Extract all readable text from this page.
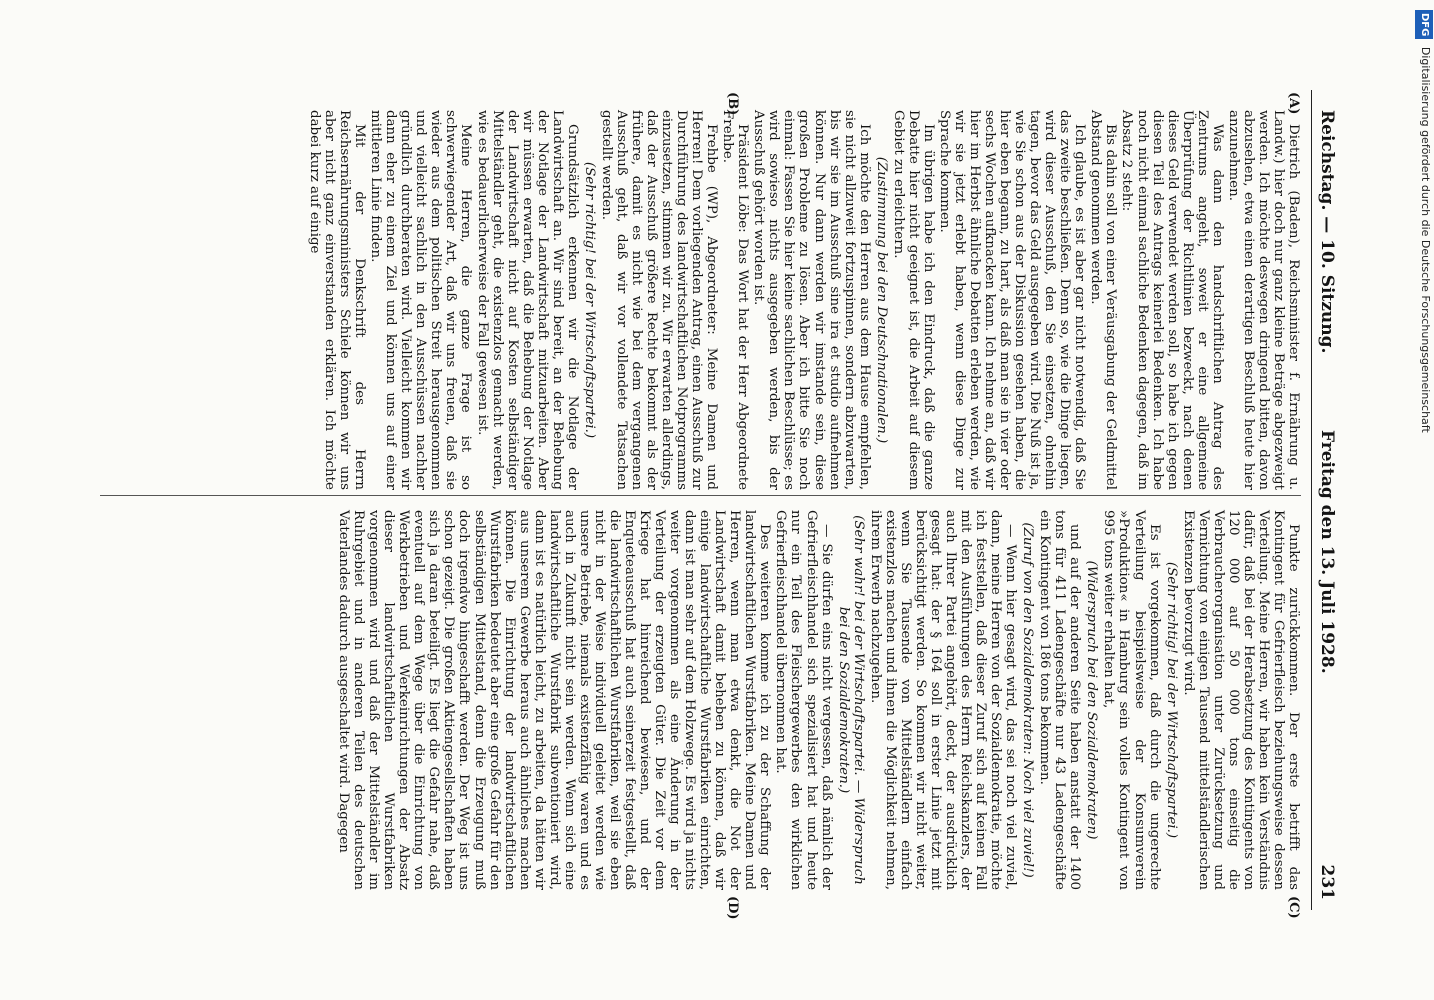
Reichstag. — 10. Sitzung.
Freitag den 13. Juli 1928.
231
(A)
(B)
(C)
(D)

Dietrich (Baden), Reichsminister f. Ernährung u. Landw.) hier doch nur ganz kleine Beträge abgezweigt werden. Ich möchte deswegen dringend bitten, davon abzusehen, etwa einen derartigen Beschluß heute hier anzunehmen.

Was dann den handschriftlichen Antrag des Zentrums angeht, soweit er eine allgemeine Überprüfung der Richtlinien bezweckt, nach denen dieses Geld verwendet werden soll, so habe ich gegen diesen Teil des Antrags keinerlei Bedenken. Ich habe noch nicht einmal sachliche Bedenken dagegen, daß im Absatz 2 steht:

Bis dahin soll von einer Veräusgabung der Geldmittel Abstand genommen werden.

Ich glaube, es ist aber gar nicht notwendig, daß Sie das zweite beschließen. Denn so, wie die Dinge liegen, wird dieser Ausschuß, den Sie einsetzen, ohnehin tagen, bevor das Geld ausgegeben wird. Die Nuß ist ja, wie Sie schon aus der Diskussion gesehen haben, die hier eben begann, zu hart, als daß man sie in vier oder sechs Wochen aufknacken kann. Ich nehme an, daß wir hier im Herbst ähnliche Debatten erleben werden, wie wir sie jetzt erlebt haben, wenn diese Dinge zur Sprache kommen.

Im übrigen habe ich den Eindruck, daß die ganze Debatte hier nicht geeignet ist, die Arbeit auf diesem Gebiet zu erleichtern.

(Zustimmung bei den Deutschnationalen.)

Ich möchte den Herren aus dem Hause empfehlen, sie nicht allzuweit fortzuspinnen, sondern abzuwarten, bis wir sie im Ausschuß sine ira et studio aufnehmen können. Nur dann werden wir imstande sein, diese großen Probleme zu lösen. Aber ich bitte Sie noch einmal: Fassen Sie hier keine sachlichen Beschlüsse; es wird sowieso nichts ausgegeben werden, bis der Ausschuß gehört worden ist.

Präsident Löbe: Das Wort hat der Herr Abgeordnete Frehbe.

Frehbe (WP), Abgeordneter: Meine Damen und Herren! Dem vorliegenden Antrag, einen Ausschuß zur Durchführung des landwirtschaftlichen Notprogramms einzusetzen, stimmen wir zu. Wir erwarten allerdings, daß der Ausschuß größere Rechte bekommt als der frühere, damit es nicht wie bei dem vergangenen Ausschuß geht, daß wir vor vollendete Tatsachen gestellt werden.

(Sehr richtig! bei der Wirtschaftspartei.)

Grundsätzlich erkennen wir die Notlage der Landwirtschaft an. Wir sind bereit, an der Behebung der Notlage der Landwirtschaft mitzuarbeiten. Aber wir müssen erwarten, daß die Behebung der Notlage der Landwirtschaft nicht auf Kosten selbständiger Mittelständler geht, die existenzlos gemacht werden, wie es bedauerlicherweise der Fall gewesen ist.

Meine Herren, die ganze Frage ist so schwerwiegender Art, daß wir uns freuen, daß sie wieder aus dem politischen Streit herausgenommen und vielleicht sachlich in den Ausschüssen nachher gründlich durchberaten wird. Vielleicht kommen wir dann eher zu einem Ziel und können uns auf einer mittleren Linie finden.

Mit der Denkschrift des Herrn Reichsernährungsministers Schiele können wir uns aber nicht ganz einverstanden erklären. Ich möchte dabei kurz auf einige

Punkte zurückkommen. Der erste betrifft das Kontingent für Gefrierfleisch beziehungsweise dessen Verteilung. Meine Herren, wir haben kein Verständnis dafür, daß bei der Herabsetzung des Kontingents von 120 000 auf 50 000 tons einseitig die Verbraucherorganisation unter Zurücksetzung und Vernichtung von einigen Tausend mittelständlerischen Existenzen bevorzugt wird.

(Sehr richtig! bei der Wirtschaftspartei.)

Es ist vorgekommen, daß durch die ungerechte Verteilung beispielsweise der Konsumverein »Produktion« in Hamburg sein volles Kontingent von 995 tons weiter erhalten hat,

(Widerspruch bei den Sozialdemokraten)

und auf der anderen Seite haben anstatt der 1400 tons für 411 Ladengeschäfte nur 43 Ladengeschäfte ein Kontingent von 186 tons bekommen.

(Zuruf von den Sozialdemokraten: Noch viel zuviel!)

— Wenn hier gesagt wird, das sei noch viel zuviel, dann, meine Herren von der Sozialdemokratie, möchte ich feststellen, daß dieser Zuruf sich auf keinen Fall mit den Ausführungen des Herrn Reichskanzlers, der auch Ihrer Partei angehört, deckt, der ausdrücklich gesagt hat: der § 164 soll in erster Linie jetzt mit berücksichtigt werden. So kommen wir nicht weiter, wenn Sie Tausende von Mittelständlern einfach existenzlos machen und ihnen die Möglichkeit nehmen, ihrem Erwerb nachzugehen.

(Sehr wahr! bei der Wirtschaftspartei. — Widerspruch bei den Sozialdemokraten.)

— Sie dürfen eins nicht vergessen, daß nämlich der Gefrierfleischhandel sich spezialisiert hat und heute nur ein Teil des Fleischergewerbes den wirklichen Gefrierfleischhandel übernommen hat.

Des weiteren komme ich zu der Schaffung der landwirtschaftlichen Wurstfabriken. Meine Damen und Herren, wenn man etwa denkt, die Not der Landwirtschaft damit beheben zu können, daß wir einige landwirtschaftliche Wurstfabriken einrichten, dann ist man sehr auf dem Holzwege. Es wird ja nichts weiter vorgenommen als eine Änderung in der Verteilung der erzeugten Güter. Die Zeit vor dem Kriege hat hinreichend bewiesen, und der Enqueteausschuß hat auch seinerzeit festgestellt, daß die landwirtschaftlichen Wurstfabriken, weil sie eben nicht in der Weise individuell geleitet werden wie unsere Betriebe, niemals existenzfähig waren und es auch in Zukunft nicht sein werden. Wenn sich eine landwirtschaftliche Wurstfabrik subventioniert wird, dann ist es natürlich leicht, zu arbeiten, da hätten wir aus unserem Gewerbe heraus auch ähnliches machen können. Die Einrichtung der landwirtschaftlichen Wurstfabriken bedeutet aber eine große Gefahr für den selbständigen Mittelstand, denn die Erzeugung muß doch irgendwo hingeschafft werden. Der Weg ist uns schon gezeigt. Die großen Aktiengesellschaften haben sich ja daran beteiligt. Es liegt die Gefahr nahe, daß eventuell auf dem Wege über die Einrichtung von Werkbetrieben und Werkeinrichtungen der Absatz dieser landwirtschaftlichen Wurstfabriken vorgenommen wird und daß der Mittelständler im Ruhrgebiet und in anderen Teilen des deutschen Vaterlandes dadurch ausgeschaltet wird. Dagegen

DFG Digitalisierung gefördert durch die Deutsche Forschungsgemeinschaft
